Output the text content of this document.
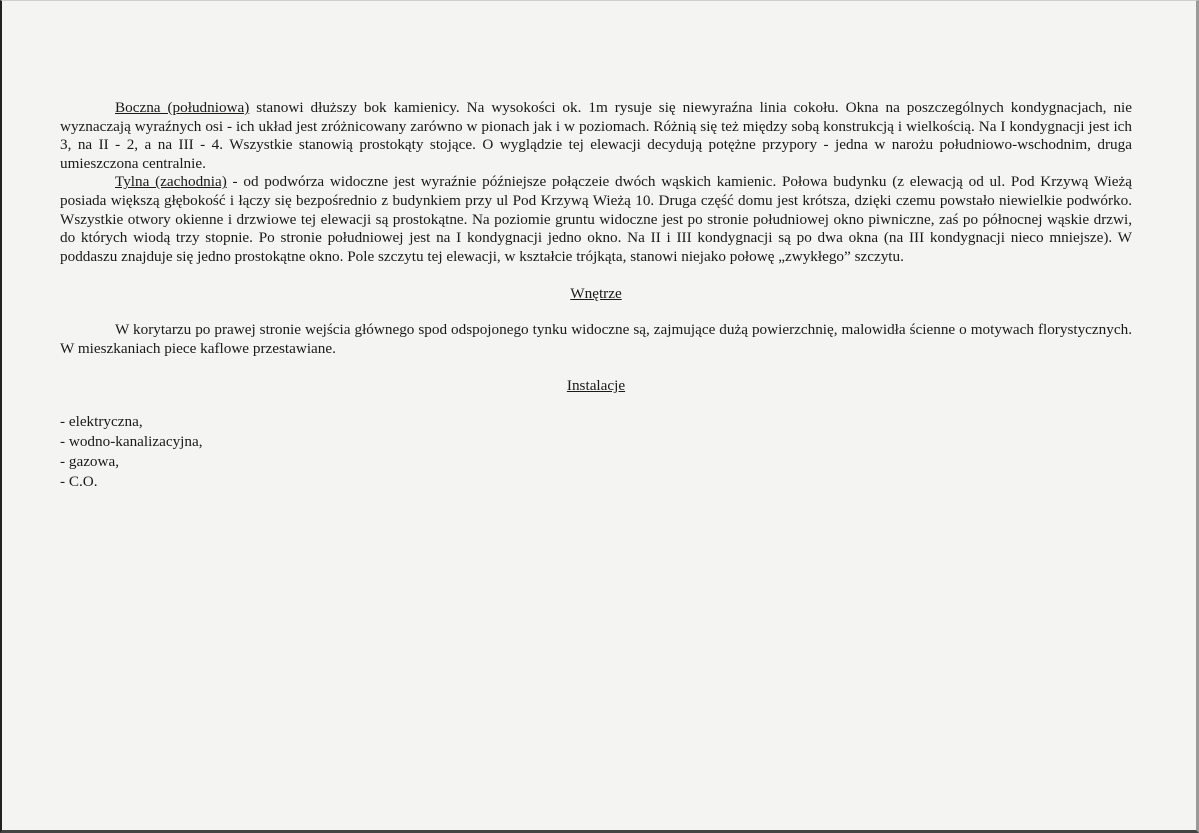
Boczna (południowa) stanowi dłuższy bok kamienicy. Na wysokości ok. 1m rysuje się niewyraźna linia cokołu. Okna na poszczególnych kondygnacjach, nie wyznaczają wyraźnych osi - ich układ jest zróżnicowany zarówno w pionach jak i w poziomach. Różnią się też między sobą konstrukcją i wielkością. Na I kondygnacji jest ich 3, na II - 2, a na III - 4. Wszystkie stanowią prostokąty stojące. O wyglądzie tej elewacji decydują potężne przypory - jedna w narożu południowo-wschodnim, druga umieszczona centralnie.

Tylna (zachodnia) - od podwórza widoczne jest wyraźnie późniejsze połączeie dwóch wąskich kamienic. Połowa budynku (z elewacją od ul. Pod Krzywą Wieżą posiada większą głębokość i łączy się bezpośrednio z budynkiem przy ul Pod Krzywą Wieżą 10. Druga część domu jest krótsza, dzięki czemu powstało niewielkie podwórko. Wszystkie otwory okienne i drzwiowe tej elewacji są prostokątne. Na poziomie gruntu widoczne jest po stronie południowej okno piwniczne, zaś po północnej wąskie drzwi, do których wiodą trzy stopnie. Po stronie południowej jest na I kondygnacji jedno okno. Na II i III kondygnacji są po dwa okna (na III kondygnacji nieco mniejsze). W poddaszu znajduje się jedno prostokątne okno. Pole szczytu tej elewacji, w kształcie trójkąta, stanowi niejako połowę „zwykłego” szczytu.

Wnętrze

W korytarzu po prawej stronie wejścia głównego spod odspojonego tynku widoczne są, zajmujące dużą powierzchnię, malowidła ścienne o motywach florystycznych. W mieszkaniach piece kaflowe przestawiane.

Instalacje
- elektryczna,
- wodno-kanalizacyjna,
- gazowa,
- C.O.
